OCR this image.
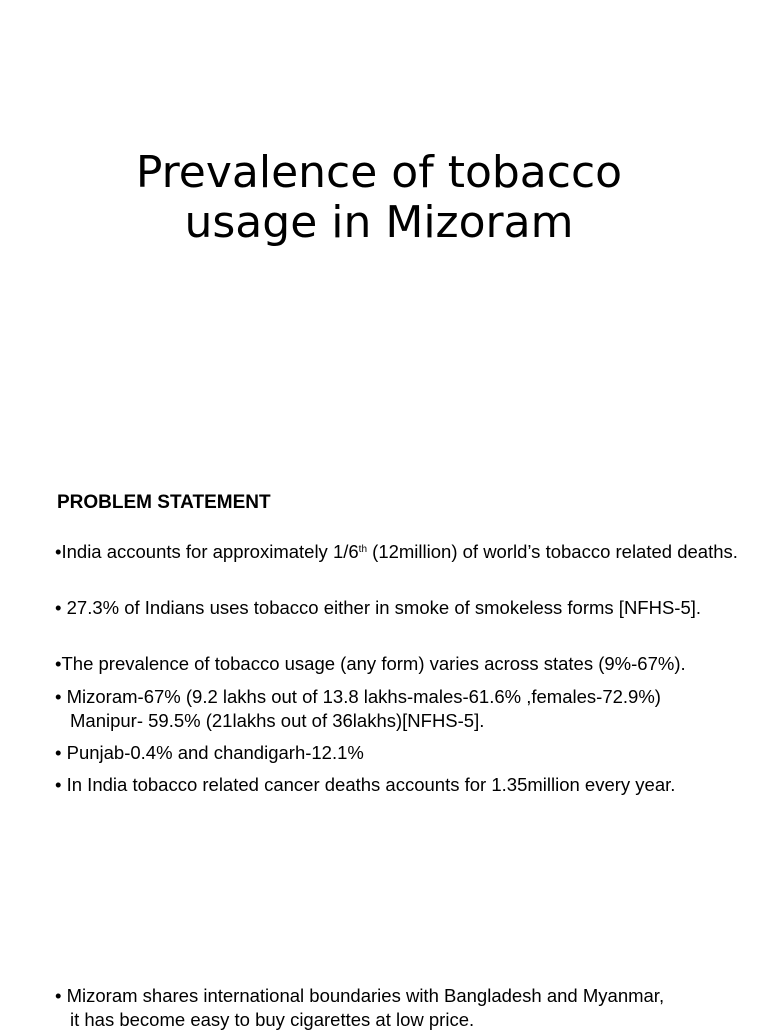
Prevalence of tobacco
usage in Mizoram
PROBLEM STATEMENT
•India accounts for approximately 1/6th (12million) of world’s tobacco related deaths.
• 27.3% of Indians uses tobacco either in smoke of smokeless forms [NFHS-5].
•The prevalence of tobacco usage (any form) varies across states (9%-67%).
• Mizoram-67% (9.2 lakhs out of 13.8 lakhs-males-61.6% ,females-72.9%)
Manipur- 59.5% (21lakhs out of 36lakhs)[NFHS-5].
• Punjab-0.4% and chandigarh-12.1%
• In India tobacco related cancer deaths accounts for 1.35million every year.
• Mizoram shares international boundaries with Bangladesh and Myanmar, it has become easy to buy cigarettes at low price.
